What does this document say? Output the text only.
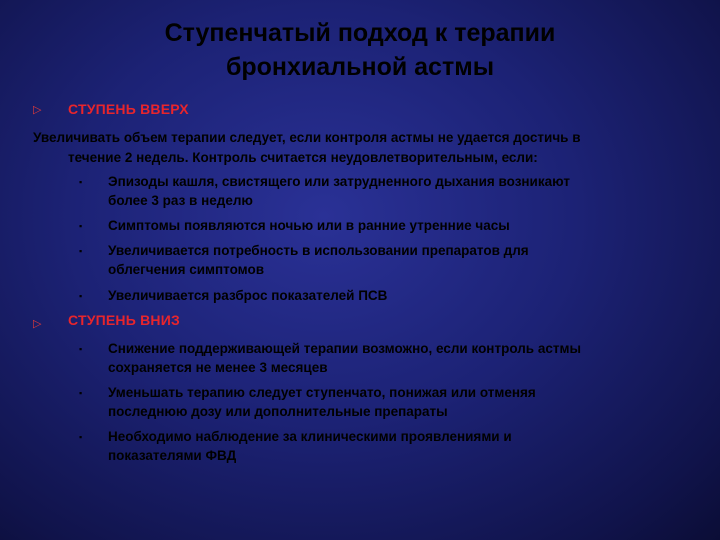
Ступенчатый подход к терапии
бронхиальной астмы
▷ СТУПЕНЬ ВВЕРХ
Увеличивать объем терапии следует, если контроля астмы не удается достичь в
течение 2 недель. Контроль считается неудовлетворительным, если:
▪ Эпизоды кашля, свистящего или затрудненного дыхания возникают
более 3 раз в неделю
▪ Симптомы появляются ночью или в ранние утренние часы
▪ Увеличивается потребность в использовании препаратов для
облегчения симптомов
▪ Увеличивается разброс показателей ПСВ
▷ СТУПЕНЬ ВНИЗ
▪ Снижение поддерживающей терапии возможно, если контроль астмы
сохраняется не менее 3 месяцев
▪ Уменьшать терапию следует ступенчато, понижая или отменяя
последнюю дозу или дополнительные препараты
▪ Необходимо наблюдение за клиническими проявлениями и
показателями ФВД
